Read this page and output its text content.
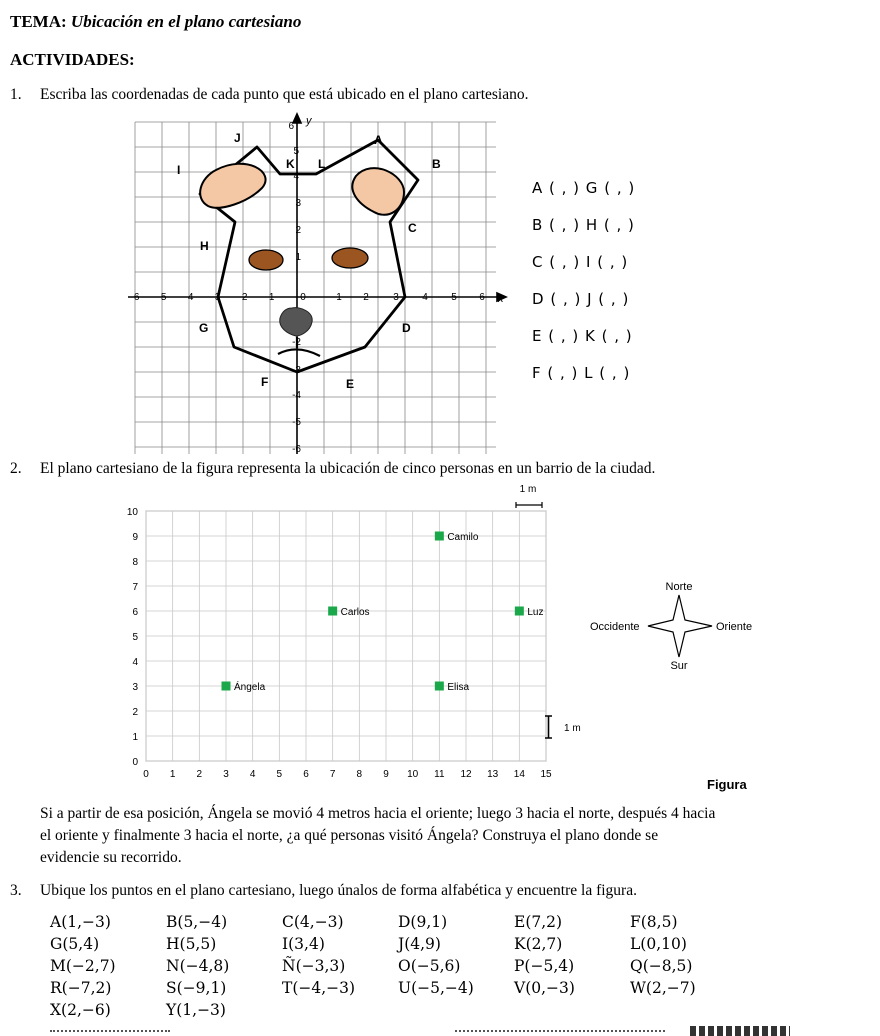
TEMA: Ubicación en el plano cartesiano
ACTIVIDADES:
1. Escriba las coordenadas de cada punto que está ubicado en el plano cartesiano.
x
y
-6 -5 -4 -3 -2 -1	0	1 2 3 4 5 6
6
5
4
3
2
1
-2
-3
-4
-5
-6
A
B
C
D
E
F
G
H
I
J
K L
A ( , ) G ( , )
B ( , ) H ( , )
C ( , ) I ( , )
D ( , ) J ( , )
E ( , ) K ( , )
F ( , ) L ( , )
2. El plano cartesiano de la figura representa la ubicación de cinco personas en un barrio de la ciudad.
1 m
0 1 2 3 4 5 6 7 8 9 10 11 12 13 14 15
0
1
2
3
4
5
6
7
8
9
10
Camilo
Carlos	Luz
Ángela	Elisa
1 m
Norte
Occidente	Oriente
Sur
Figura
Si a partir de esa posición, Ángela se movió 4 metros hacia el oriente; luego 3 hacia el norte, después 4 hacia
el oriente y finalmente 3 hacia el norte, ¿a qué personas visitó Ángela? Construya el plano donde se
evidencie su recorrido.
3. Ubique los puntos en el plano cartesiano, luego únalos de forma alfabética y encuentre la figura.
A(1,−3)	B(5,−4)	C(4,−3)	D(9,1)	E(7,2)	F(8,5)
G(5,4)	H(5,5)	I(3,4)	J(4,9)	K(2,7)	L(0,10)
M(−2,7)	N(−4,8)	Ñ(−3,3)	O(−5,6)	P(−5,4)	Q(−8,5)
R(−7,2)	S(−9,1)	T(−4,−3)	U(−5,−4)	V(0,−3)	W(2,−7)
X(2,−6)	Y(1,−3)
